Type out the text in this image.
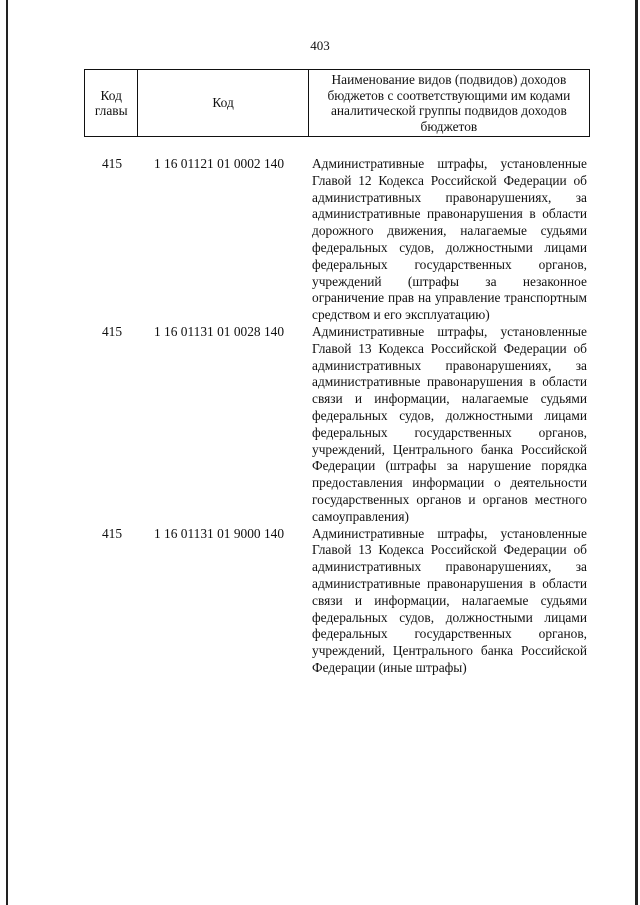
403
Код главы	Код	Наименование видов (подвидов) доходов бюджетов с соответствующими им кодами аналитической группы подвидов доходов бюджетов
415	1 16 01121 01 0002 140	Административные штрафы, установленные Главой 12 Кодекса Российской Федерации об административных правонарушениях, за административные правонарушения в области дорожного движения, налагаемые судьями федеральных судов, должностными лицами федеральных государственных органов, учреждений (штрафы за незаконное ограничение прав на управление транспортным средством и его эксплуатацию)
415	1 16 01131 01 0028 140	Административные штрафы, установленные Главой 13 Кодекса Российской Федерации об административных правонарушениях, за административные правонарушения в области связи и информации, налагаемые судьями федеральных судов, должностными лицами федеральных государственных органов, учреждений, Центрального банка Российской Федерации (штрафы за нарушение порядка предоставления информации о деятельности государственных органов и органов местного самоуправления)
415	1 16 01131 01 9000 140	Административные штрафы, установленные Главой 13 Кодекса Российской Федерации об административных правонарушениях, за административные правонарушения в области связи и информации, налагаемые судьями федеральных судов, должностными лицами федеральных государственных органов, учреждений, Центрального банка Российской Федерации (иные штрафы)
